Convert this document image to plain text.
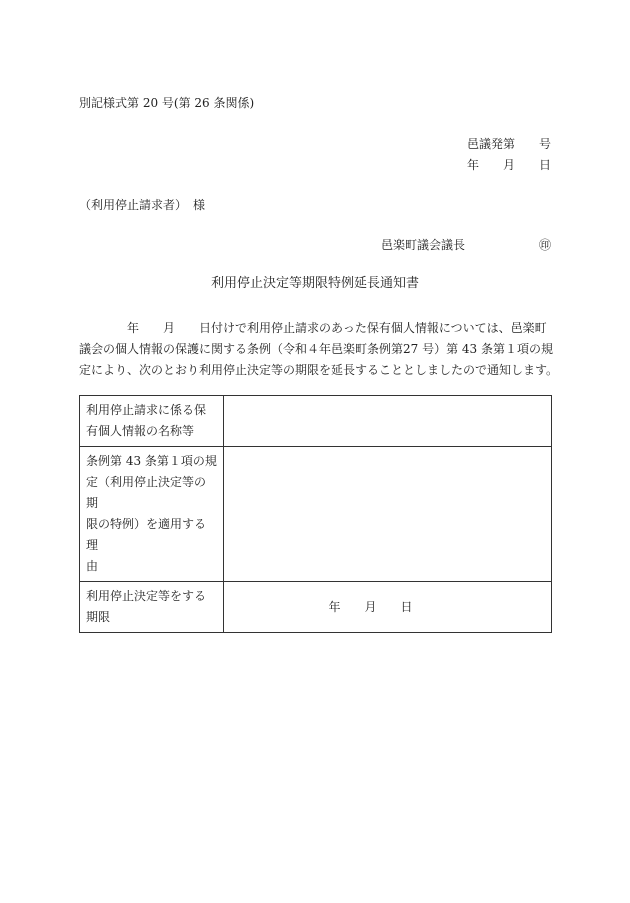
別記様式第 20 号(第 26 条関係)
邑議発第　　号
年　　月　　日
（利用停止請求者）　様
邑楽町議会議長	㊞
利用停止決定等期限特例延長通知書
　　　　年　　月　　日付けで利用停止請求のあった保有個人情報については、邑楽町
議会の個人情報の保護に関する条例（令和４年邑楽町条例第27 号）第 43 条第１項の規
定により、次のとおり利用停止決定等の期限を延長することとしましたので通知します。
利用停止請求に係る保
有個人情報の名称等	

条例第 43 条第１項の規
定（利用停止決定等の期
限の特例）を適用する理
由	

利用停止決定等をする
期限	年　　月　　日
